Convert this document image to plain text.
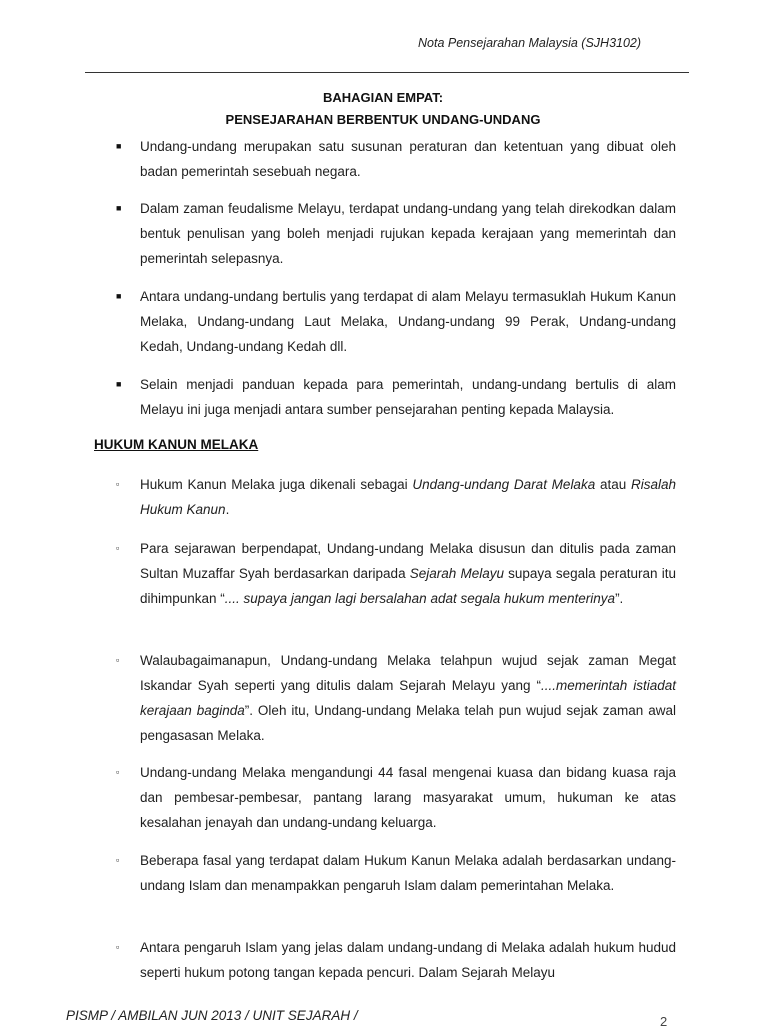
Nota Pensejarahan Malaysia (SJH3102)
BAHAGIAN EMPAT:
PENSEJARAHAN BERBENTUK UNDANG-UNDANG
■	Undang-undang merupakan satu susunan peraturan dan ketentuan yang dibuat oleh badan pemerintah sesebuah negara.
■	Dalam zaman feudalisme Melayu, terdapat undang-undang yang telah direkodkan dalam bentuk penulisan yang boleh menjadi rujukan kepada kerajaan yang memerintah dan pemerintah selepasnya.
■	Antara undang-undang bertulis yang terdapat di alam Melayu termasuklah Hukum Kanun Melaka, Undang-undang Laut Melaka, Undang-undang 99 Perak, Undang-undang Kedah, Undang-undang Kedah dll.
■	Selain menjadi panduan kepada para pemerintah, undang-undang bertulis di alam Melayu ini juga menjadi antara sumber pensejarahan penting kepada Malaysia.
HUKUM KANUN MELAKA
▫	Hukum Kanun Melaka juga dikenali sebagai Undang-undang Darat Melaka atau Risalah Hukum Kanun.
▫	Para sejarawan berpendapat, Undang-undang Melaka disusun dan ditulis pada zaman Sultan Muzaffar Syah berdasarkan daripada Sejarah Melayu supaya segala peraturan itu dihimpunkan “.... supaya jangan lagi bersalahan adat segala hukum menterinya”.
▫	Walaubagaimanapun, Undang-undang Melaka telahpun wujud sejak zaman Megat Iskandar Syah seperti yang ditulis dalam Sejarah Melayu yang “....memerintah istiadat kerajaan baginda”. Oleh itu, Undang-undang Melaka telah pun wujud sejak zaman awal pengasasan Melaka.
▫	Undang-undang Melaka mengandungi 44 fasal mengenai kuasa dan bidang kuasa raja dan pembesar-pembesar, pantang larang masyarakat umum, hukuman ke atas kesalahan jenayah dan undang-undang keluarga.
▫	Beberapa fasal yang terdapat dalam Hukum Kanun Melaka adalah berdasarkan undang-undang Islam dan menampakkan pengaruh Islam dalam pemerintahan Melaka.
▫	Antara pengaruh Islam yang jelas dalam undang-undang di Melaka adalah hukum hudud seperti hukum potong tangan kepada pencuri. Dalam Sejarah Melayu
PISMP / AMBILAN JUN 2013 / UNIT SEJARAH /	2
